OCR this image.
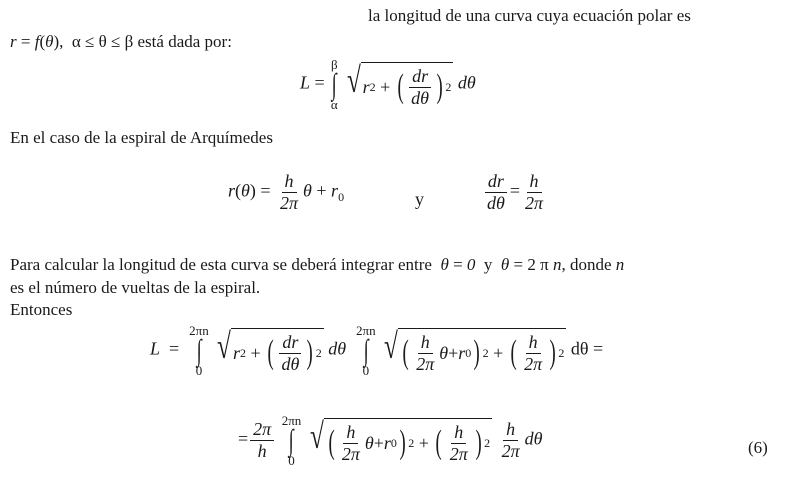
la longitud de una curva cuya ecuación polar es
r = f(θ),  α ≤ θ ≤ β está dada por:
L =
β
∫
α

√ r 2 + ( $\frac{dr}{d\theta}$ ) 2 dθ
En el caso de la espiral de Arquímedes
$r(\theta) = \frac{h}{2\pi}$ $\theta + r_0$	y	$\frac{dr}{d\theta} = \frac{h}{2\pi}$
Para calcular la longitud de esta curva se deberá integrar entre θ = 0 y θ = 2 π n, donde n
es el número de vueltas de la espiral.
Entonces
L  =
2πn
∫
0

√ r 2 + ( $\frac{dr}{d\theta}$ ) 2 dθ
2πn
∫
0

√ ( $\frac{h}{2\pi}$ θ + r 0 ) 2 + ( $\frac{h}{2\pi}$ ) 2 dθ =
= $\frac{2\pi}{h}$
2πn
∫
0

√ ( $\frac{h}{2\pi}$ θ + r 0 ) 2 + ( $\frac{h}{2\pi}$ ) 2
$\frac{h}{2\pi}$ dθ	(6)
